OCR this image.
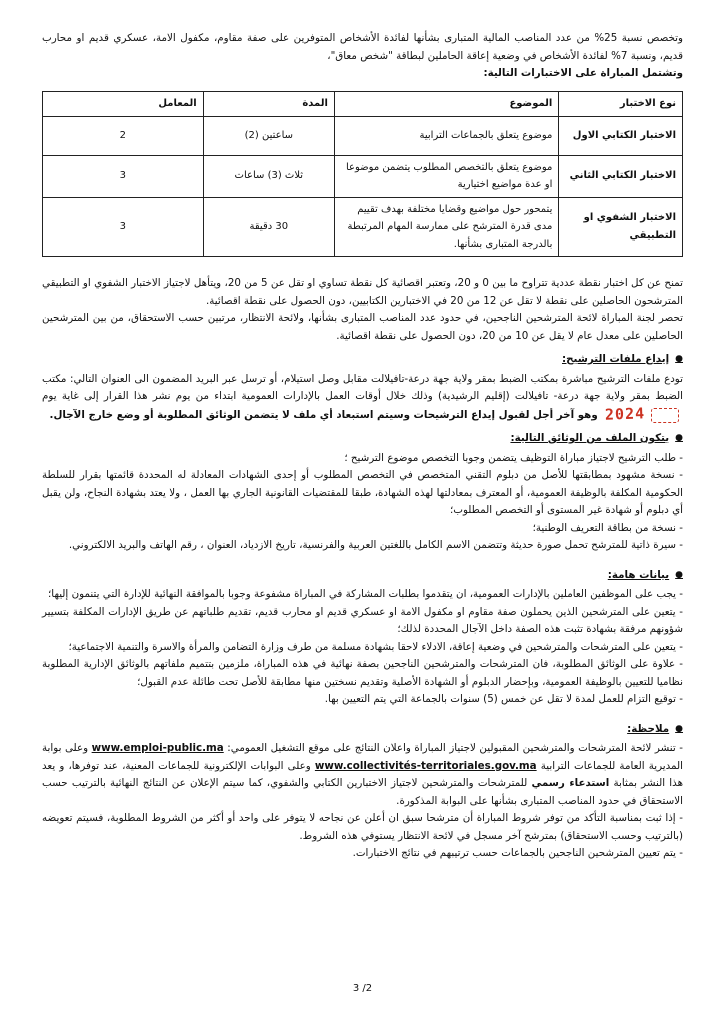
وتخصص نسبة 25% من عدد المناصب المالية المتبارى بشأنها لفائدة الأشخاص المتوفرين على صفة مقاوم، مكفول الامة، عسكري قديم او محارب قديم، ونسبة 7% لفائدة الأشخاص في وضعية إعاقة الحاملين لبطاقة "شخص معاق"،

وتشتمل المباراة على الاختبارات التالية:

نوع الاختبار	الموضوع	المدة	المعامل
الاختبار الكتابي الاول	موضوع يتعلق بالجماعات الترابية	ساعتين (2)	2
الاختبار الكتابي الثاني	موضوع يتعلق بالتخصص المطلوب يتضمن موضوعا او عدة مواضيع اختيارية	ثلاث (3) ساعات	3
الاختبار الشفوي او التطبيقي	يتمحور حول مواضيع وقضايا مختلفة بهدف تقييم مدى قدرة المترشح على ممارسة المهام المرتبطة بالدرجة المتبارى بشأنها.	30 دقيقة	3

تمنح عن كل اختبار نقطة عددية تتراوح ما بين 0 و 20، وتعتبر اقصائية كل نقطة تساوي او تقل عن 5 من 20، ويتأهل لاجتياز الاختبار الشفوي او التطبيقي المترشحون الحاصلين على نقطة لا تقل عن 12 من 20 في الاختبارين الكتابيين، دون الحصول على نقطة اقصائية.

تحصر لجنة المباراة لائحة المترشحين الناجحين، في حدود عدد المناصب المتبارى بشأنها، ولائحة الانتظار، مرتبين حسب الاستحقاق، من بين المترشحين الحاصلين على معدل عام لا يقل عن 10 من 20، دون الحصول على نقطة اقصائية.

●
إيداع ملفات الترشيح:

تودع ملفات الترشيح مباشرة بمكتب الضبط بمقر ولاية جهة درعة-تافيلالت مقابل وصل استيلام، أو ترسل عبر البريد المضمون الى العنوان التالي: مكتب الضبط بمقر ولاية جهة درعة- تافيلالت (إقليم الرشيدية) وذلك خلال أوقات العمل بالإدارات العمومية ابتداء من يوم نشر هذا القرار إلى غاية يوم
2024
وهو آخر أجل لقبول إيداع الترشيحات وسيتم استبعاد أي ملف لا يتضمن الوثائق المطلوبة أو وضع خارج الآجال.

●
يتكون الملف من الوثائق التالية:

- طلب الترشيح لاجتياز مباراة التوظيف يتضمن وجوبا التخصص موضوع الترشيح ؛

- نسخة مشهود بمطابقتها للأصل من دبلوم التقني المتخصص في التخصص المطلوب أو إحدى الشهادات المعادلة له المحددة قائمتها بقرار للسلطة الحكومية المكلفة بالوظيفة العمومية، أو المعترف بمعادلتها لهذه الشهادة، طبقا للمقتضيات القانونية الجاري بها العمل ، ولا يعتد بشهادة النجاح، ولن يقبل أي دبلوم أو شهادة غير المستوى أو التخصص المطلوب؛

- نسخة من بطاقة التعريف الوطنية؛

- سيرة ذاتية للمترشح تحمل صورة حديثة وتتضمن الاسم الكامل باللغتين العربية والفرنسية، تاريخ الازدياد، العنوان ، رقم الهاتف والبريد الالكتروني.

●
بيانات هامة:

- يجب على الموظفين العاملين بالإدارات العمومية، ان يتقدموا بطلبات المشاركة في المباراة مشفوعة وجوبا بالموافقة النهائية للإدارة التي يتنمون إليها؛

- يتعين على المترشحين الذين يحملون صفة مقاوم او مكفول الامة او عسكري قديم او محارب قديم، تقديم طلباتهم عن طريق الإدارات المكلفة بتسيير شؤونهم مرفقة بشهادة تثبت هذه الصفة داخل الآجال المحددة لذلك؛

- يتعين على المترشحات والمترشحين في وضعية إعاقة، الادلاء لاحقا بشهادة مسلمة من طرف وزارة التضامن والمرأة والاسرة والتنمية الاجتماعية؛

- علاوة على الوثائق المطلوبة، فان المترشحات والمترشحين الناجحين بصفة نهائية في هذه المباراة، ملزمين بتتميم ملفاتهم بالوثائق الإدارية المطلوبة نظاميا للتعيين بالوظيفة العمومية، وبإحضار الدبلوم أو الشهادة الأصلية وتقديم نسختين منها مطابقة للأصل تحت طائلة عدم القبول؛

- توقيع التزام للعمل لمدة لا تقل عن خمس (5) سنوات بالجماعة التي يتم التعيين بها.

●
ملاحظة:

- تنشر لائحة المترشحات والمترشحين المقبولين لاجتياز المباراة واعلان النتائج على موقع التشغيل العمومي: www.emploi-public.ma وعلى بوابة المديرية العامة للجماعات الترابية www.collectivités-territoriales.gov.ma وعلى البوابات الإلكترونية للجماعات المعنية، عند توفرها، و يعد هذا النشر بمثابة استدعاء رسمي للمترشحات والمترشحين لاجتياز الاختبارين الكتابي والشفوي، كما سيتم الإعلان عن النتائج النهائية بالترتيب حسب الاستحقاق في حدود المناصب المتبارى بشأنها على البوابة المذكورة.

- إذا ثبت بمناسبة التأكد من توفر شروط المباراة أن مترشحا سبق ان أعلن عن نجاحه لا يتوفر على واحد أو أكثر من الشروط المطلوبة، فسيتم تعويضه (بالترتيب وحسب الاستحقاق) بمترشح آخر مسجل في لائحة الانتظار يستوفي هذه الشروط.

- يتم تعيين المترشحين الناجحين بالجماعات حسب ترتيبهم في نتائج الاختبارات.

3 /2
